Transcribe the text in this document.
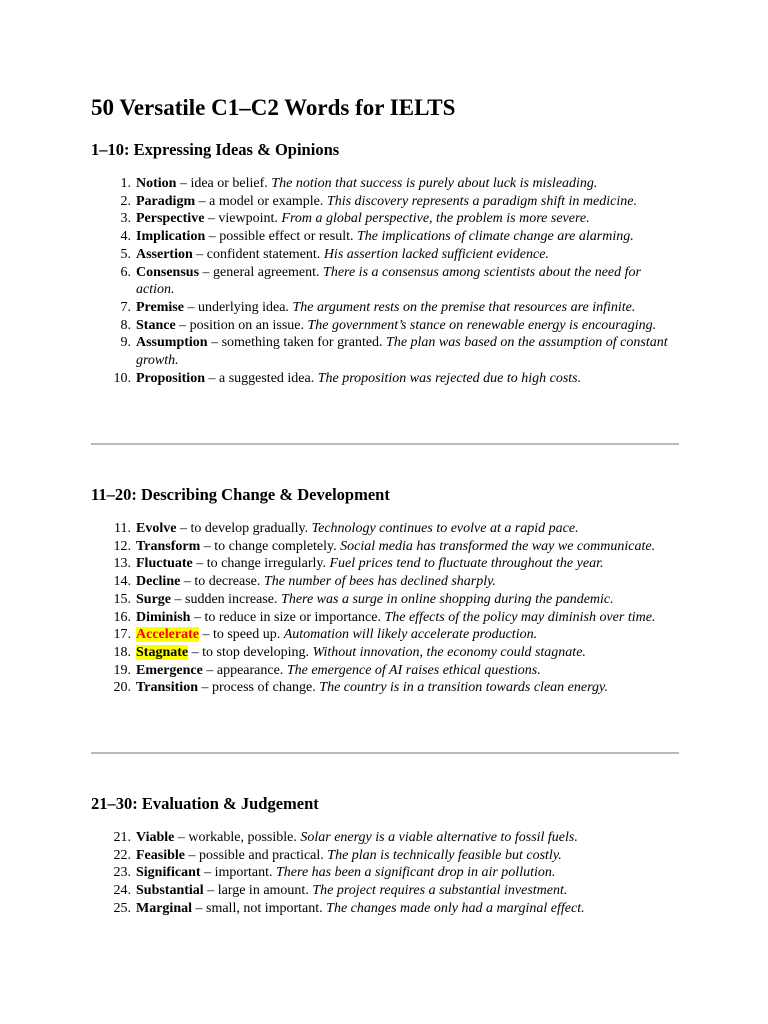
50 Versatile C1–C2 Words for IELTS
1–10: Expressing Ideas & Opinions
1. Notion – idea or belief. The notion that success is purely about luck is misleading.
2. Paradigm – a model or example. This discovery represents a paradigm shift in medicine.
3. Perspective – viewpoint. From a global perspective, the problem is more severe.
4. Implication – possible effect or result. The implications of climate change are alarming.
5. Assertion – confident statement. His assertion lacked sufficient evidence.
6. Consensus – general agreement. There is a consensus among scientists about the need for action.
7. Premise – underlying idea. The argument rests on the premise that resources are infinite.
8. Stance – position on an issue. The government’s stance on renewable energy is encouraging.
9. Assumption – something taken for granted. The plan was based on the assumption of constant growth.
10. Proposition – a suggested idea. The proposition was rejected due to high costs.
11–20: Describing Change & Development
11. Evolve – to develop gradually. Technology continues to evolve at a rapid pace.
12. Transform – to change completely. Social media has transformed the way we communicate.
13. Fluctuate – to change irregularly. Fuel prices tend to fluctuate throughout the year.
14. Decline – to decrease. The number of bees has declined sharply.
15. Surge – sudden increase. There was a surge in online shopping during the pandemic.
16. Diminish – to reduce in size or importance. The effects of the policy may diminish over time.
17. Accelerate – to speed up. Automation will likely accelerate production.
18. Stagnate – to stop developing. Without innovation, the economy could stagnate.
19. Emergence – appearance. The emergence of AI raises ethical questions.
20. Transition – process of change. The country is in a transition towards clean energy.
21–30: Evaluation & Judgement
21. Viable – workable, possible. Solar energy is a viable alternative to fossil fuels.
22. Feasible – possible and practical. The plan is technically feasible but costly.
23. Significant – important. There has been a significant drop in air pollution.
24. Substantial – large in amount. The project requires a substantial investment.
25. Marginal – small, not important. The changes made only had a marginal effect.
